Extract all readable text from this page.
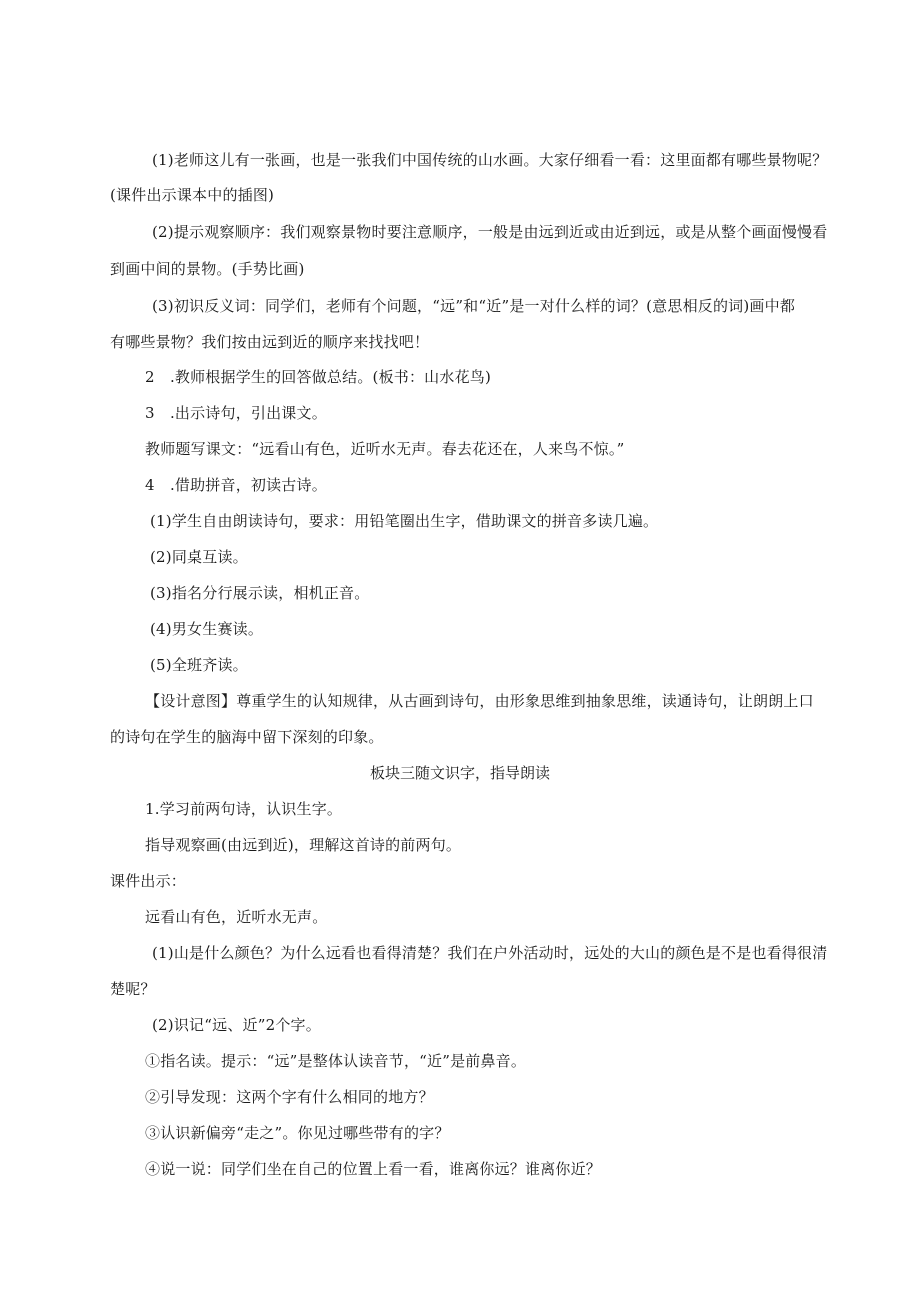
(1)老师这儿有一张画，也是一张我们中国传统的山水画。大家仔细看一看：这里面都有哪些景物呢？
(课件出示课本中的插图)
(2)提示观察顺序：我们观察景物时要注意顺序，一般是由远到近或由近到远，或是从整个画面慢慢看
到画中间的景物。(手势比画)
(3)初识反义词：同学们，老师有个问题，“远”和“近”是一对什么样的词？(意思相反的词)画中都
有哪些景物？我们按由远到近的顺序来找找吧！
2　.教师根据学生的回答做总结。(板书：山水花鸟)
3　.出示诗句，引出课文。
教师题写课文：“远看山有色，近听水无声。春去花还在，人来鸟不惊。”
4　.借助拼音，初读古诗。
(1)学生自由朗读诗句，要求：用铅笔圈出生字，借助课文的拼音多读几遍。
(2)同桌互读。
(3)指名分行展示读，相机正音。
(4)男女生赛读。
(5)全班齐读。
【设计意图】尊重学生的认知规律，从古画到诗句，由形象思维到抽象思维，读通诗句，让朗朗上口
的诗句在学生的脑海中留下深刻的印象。
板块三随文识字，指导朗读
1.学习前两句诗，认识生字。
指导观察画(由远到近)，理解这首诗的前两句。
课件出示：
远看山有色，近听水无声。
(1)山是什么颜色？为什么远看也看得清楚？我们在户外活动时，远处的大山的颜色是不是也看得很清
楚呢？
(2)识记“远、近”2个字。
①指名读。提示：“远”是整体认读音节，“近”是前鼻音。
②引导发现：这两个字有什么相同的地方？
③认识新偏旁“走之”。你见过哪些带有的字？
④说一说：同学们坐在自己的位置上看一看，谁离你远？谁离你近？
